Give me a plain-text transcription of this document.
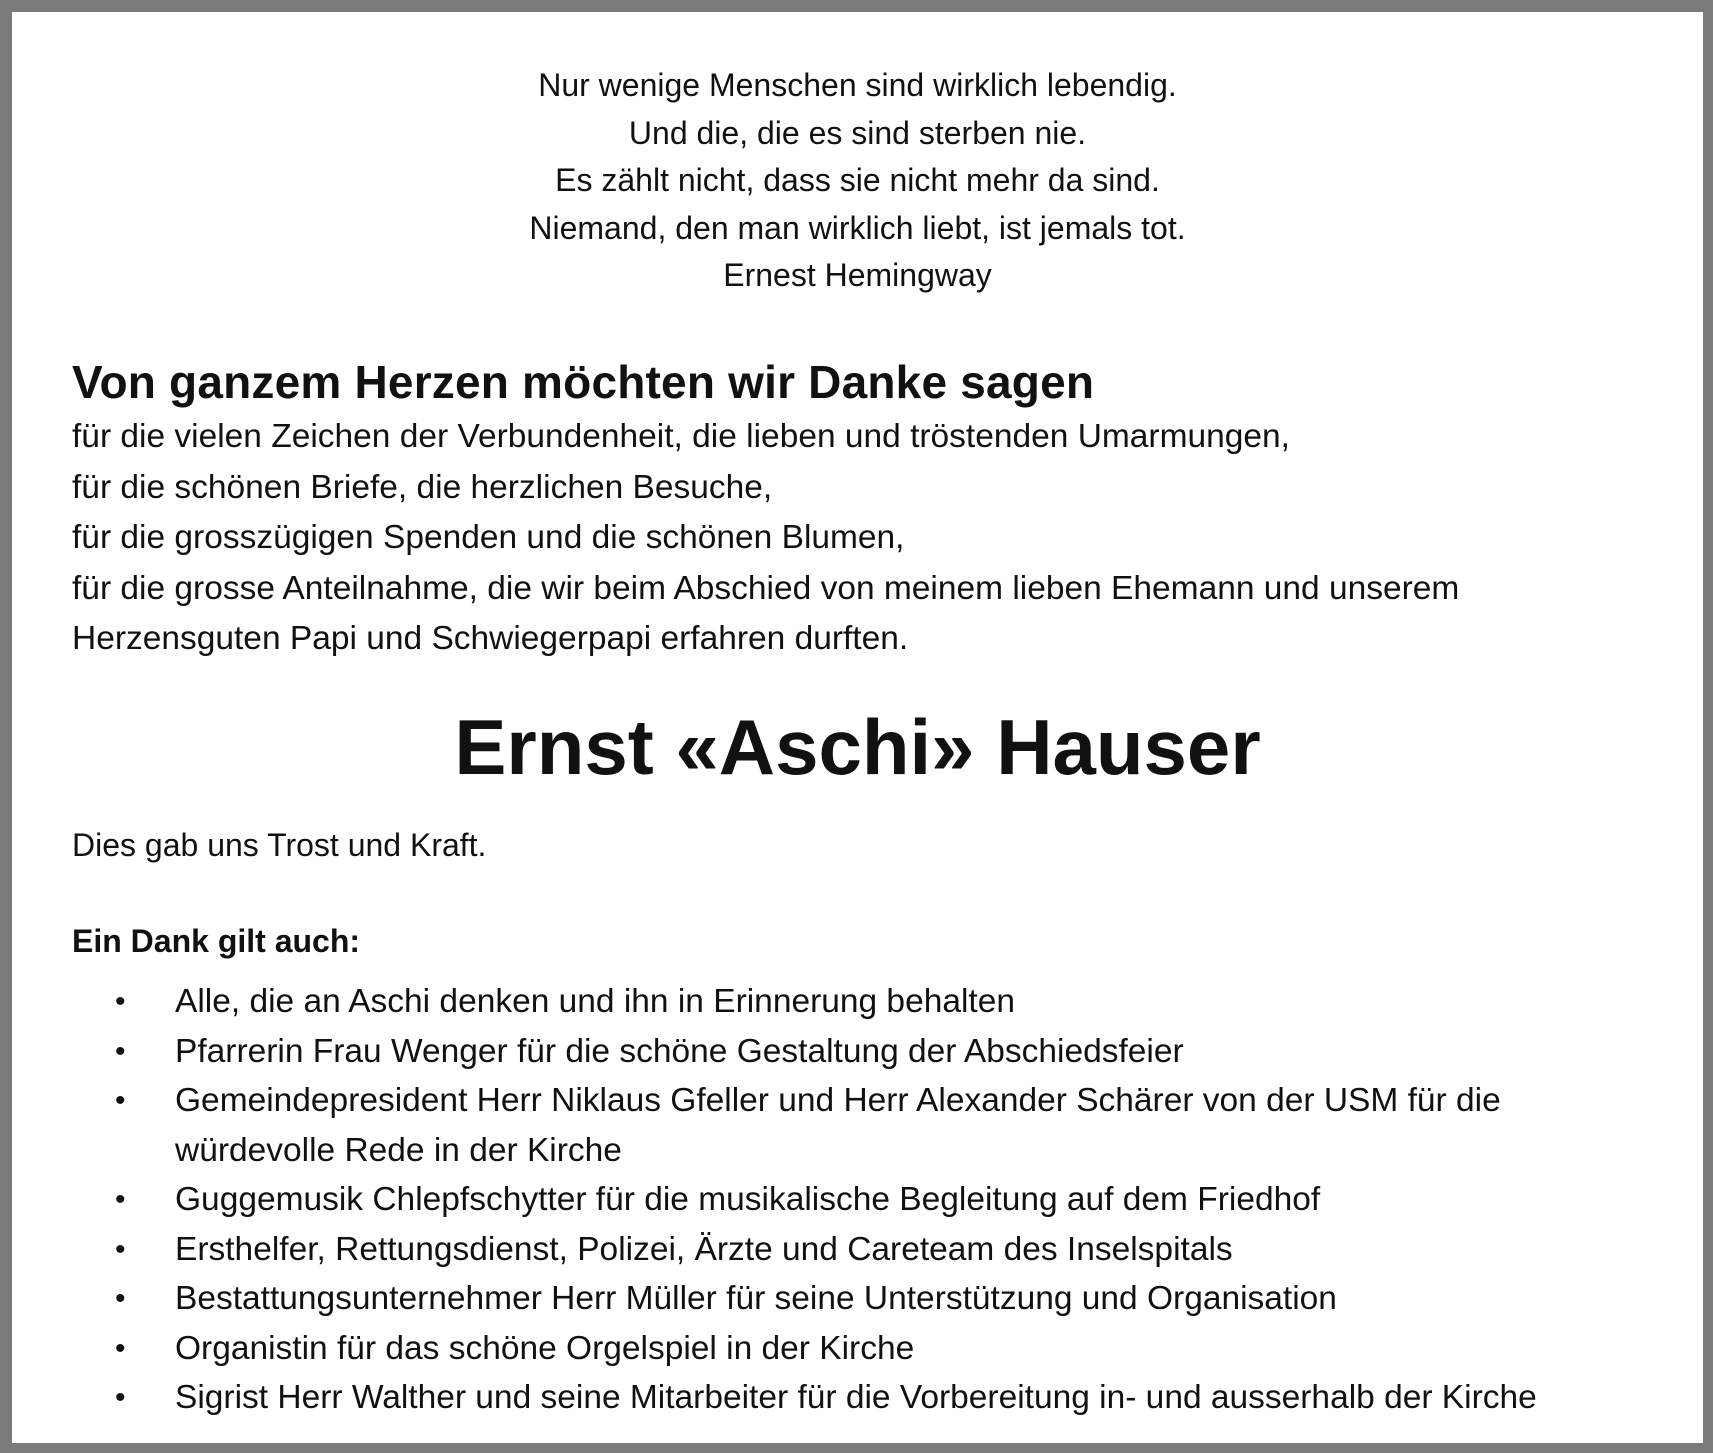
Nur wenige Menschen sind wirklich lebendig.
Und die, die es sind sterben nie.
Es zählt nicht, dass sie nicht mehr da sind.
Niemand, den man wirklich liebt, ist jemals tot.
Ernest Hemingway
Von ganzem Herzen möchten wir Danke sagen
für die vielen Zeichen der Verbundenheit, die lieben und tröstenden Umarmungen,
für die schönen Briefe, die herzlichen Besuche,
für die grosszügigen Spenden und die schönen Blumen,
für die grosse Anteilnahme, die wir beim Abschied von meinem lieben Ehemann und unserem
Herzensguten Papi und Schwiegerpapi erfahren durften.
Ernst «Aschi» Hauser
Dies gab uns Trost und Kraft.
Ein Dank gilt auch:
• Alle, die an Aschi denken und ihn in Erinnerung behalten
• Pfarrerin Frau Wenger für die schöne Gestaltung der Abschiedsfeier
• Gemeindepresident Herr Niklaus Gfeller und Herr Alexander Schärer von der USM für die
würdevolle Rede in der Kirche
• Guggemusik Chlepfschytter für die musikalische Begleitung auf dem Friedhof
• Ersthelfer, Rettungsdienst, Polizei, Ärzte und Careteam des Inselspitals
• Bestattungsunternehmer Herr Müller für seine Unterstützung und Organisation
• Organistin für das schöne Orgelspiel in der Kirche
• Sigrist Herr Walther und seine Mitarbeiter für die Vorbereitung in- und ausserhalb der Kirche
